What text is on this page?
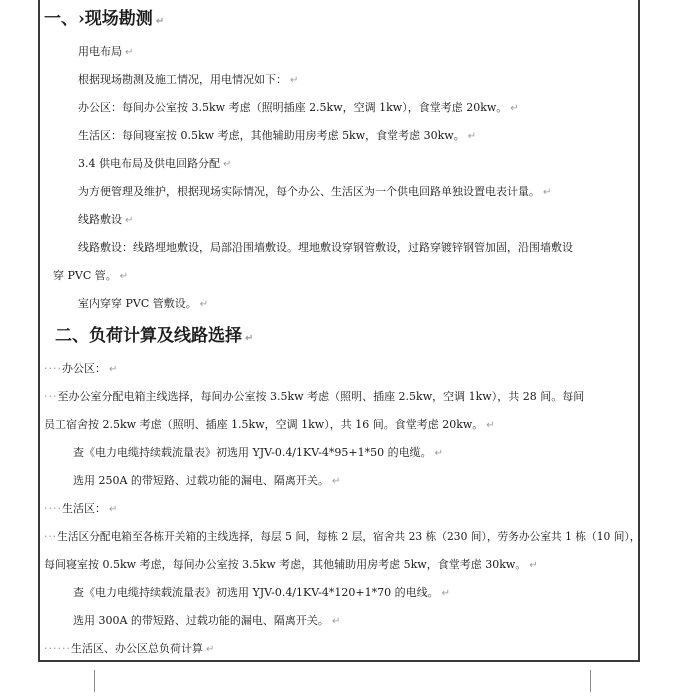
一、›现场勘测 ↵
用电布局 ↵
根据现场勘测及施工情况，用电情况如下： ↵
办公区：每间办公室按 3.5kw 考虑（照明插座 2.5kw，空调 1kw），食堂考虑 20kw。 ↵
生活区：每间寝室按 0.5kw 考虑，其他辅助用房考虑 5kw，食堂考虑 30kw。 ↵
3.4 供电布局及供电回路分配 ↵
为方便管理及维护，根据现场实际情况，每个办公、生活区为一个供电回路单独设置电表计量。 ↵
线路敷设 ↵
线路敷设：线路埋地敷设，局部沿围墙敷设。埋地敷设穿钢管敷设，过路穿镀锌钢管加固，沿围墙敷设
穿 PVC 管。 ↵
室内穿穿 PVC 管敷设。 ↵
二、负荷计算及线路选择 ↵
····办公区： ↵
···至办公室分配电箱主线选择，每间办公室按 3.5kw 考虑（照明、插座 2.5kw，空调 1kw），共 28 间。每间
员工宿舍按 2.5kw 考虑（照明、插座 1.5kw，空调 1kw），共 16 间。食堂考虑 20kw。 ↵
查《电力电缆持续载流量表》初选用 YJV-0.4/1KV-4*95+1*50 的电缆。 ↵
选用 250A 的带短路、过载功能的漏电、隔离开关。 ↵
····生活区： ↵
···生活区分配电箱至各栋开关箱的主线选择，每层 5 间，每栋 2 层，宿舍共 23 栋（230 间），劳务办公室共 1 栋（10 间），
每间寝室按 0.5kw 考虑，每间办公室按 3.5kw 考虑，其他辅助用房考虑 5kw，食堂考虑 30kw。 ↵
查《电力电缆持续载流量表》初选用 YJV-0.4/1KV-4*120+1*70 的电线。 ↵
选用 300A 的带短路、过载功能的漏电、隔离开关。 ↵
······生活区、办公区总负荷计算 ↵
